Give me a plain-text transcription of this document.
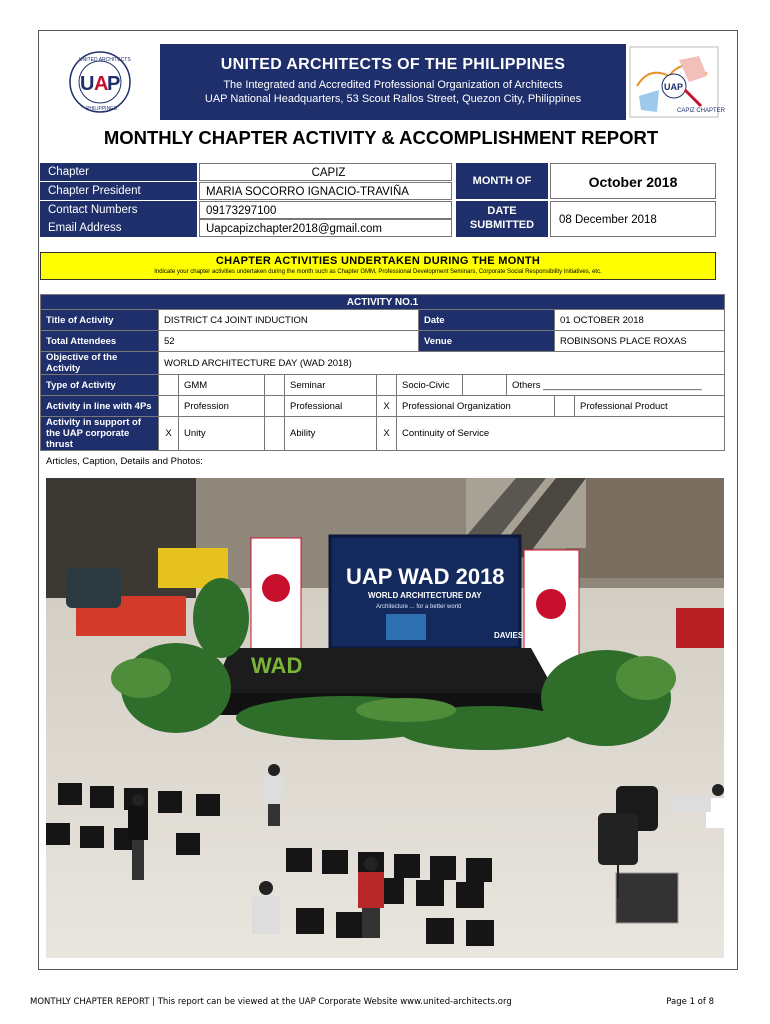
U A
P
UNITED ARCHITECTS
PHILIPPINES
UNITED ARCHITECTS OF THE PHILIPPINES
The Integrated and Accredited Professional Organization of Architects
UAP National Headquarters, 53 Scout Rallos Street, Quezon City, Philippines
UAP
CAPIZ CHAPTER
MONTHLY CHAPTER ACTIVITY & ACCOMPLISHMENT REPORT
Chapter	CAPIZ
Chapter President	MARIA SOCORRO IGNACIO-TRAVIÑA
Contact Numbers	09173297100
Email Address	Uapcapizchapter2018@gmail.com
MONTH OF	October 2018
DATE
SUBMITTED	08 December 2018
CHAPTER ACTIVITIES UNDERTAKEN DURING THE MONTH
Indicate your chapter activities undertaken during the month such as Chapter GMM, Professional Development Seminars, Corporate Social Responsibility Initiatives, etc.
ACTIVITY NO.1											
Title of Activity	DISTRICT C4 JOINT INDUCTION						Date			01 OCTOBER 2018	
Total Attendees	52						Venue			ROBINSONS PLACE ROXAS	
Objective of the Activity	WORLD ARCHITECTURE DAY (WAD 2018)										
Type of Activity		GMM		Seminar		Socio-Civic			Others ______________________________		
Activity in line with 4Ps		Profession		Professional	X	Professional Organization					Professional Product
Activity in support of the UAP corporate thrust	X	Unity		Ability	X	Continuity of Service					
Articles, Caption, Details and Photos:
UAP WAD 2018
WORLD ARCHITECTURE DAY
Architecture ... for a better world
DAVIES
WAD
MONTHLY CHAPTER REPORT | This report can be viewed at the UAP Corporate Website www.united-architects.org	Page 1 of 8
